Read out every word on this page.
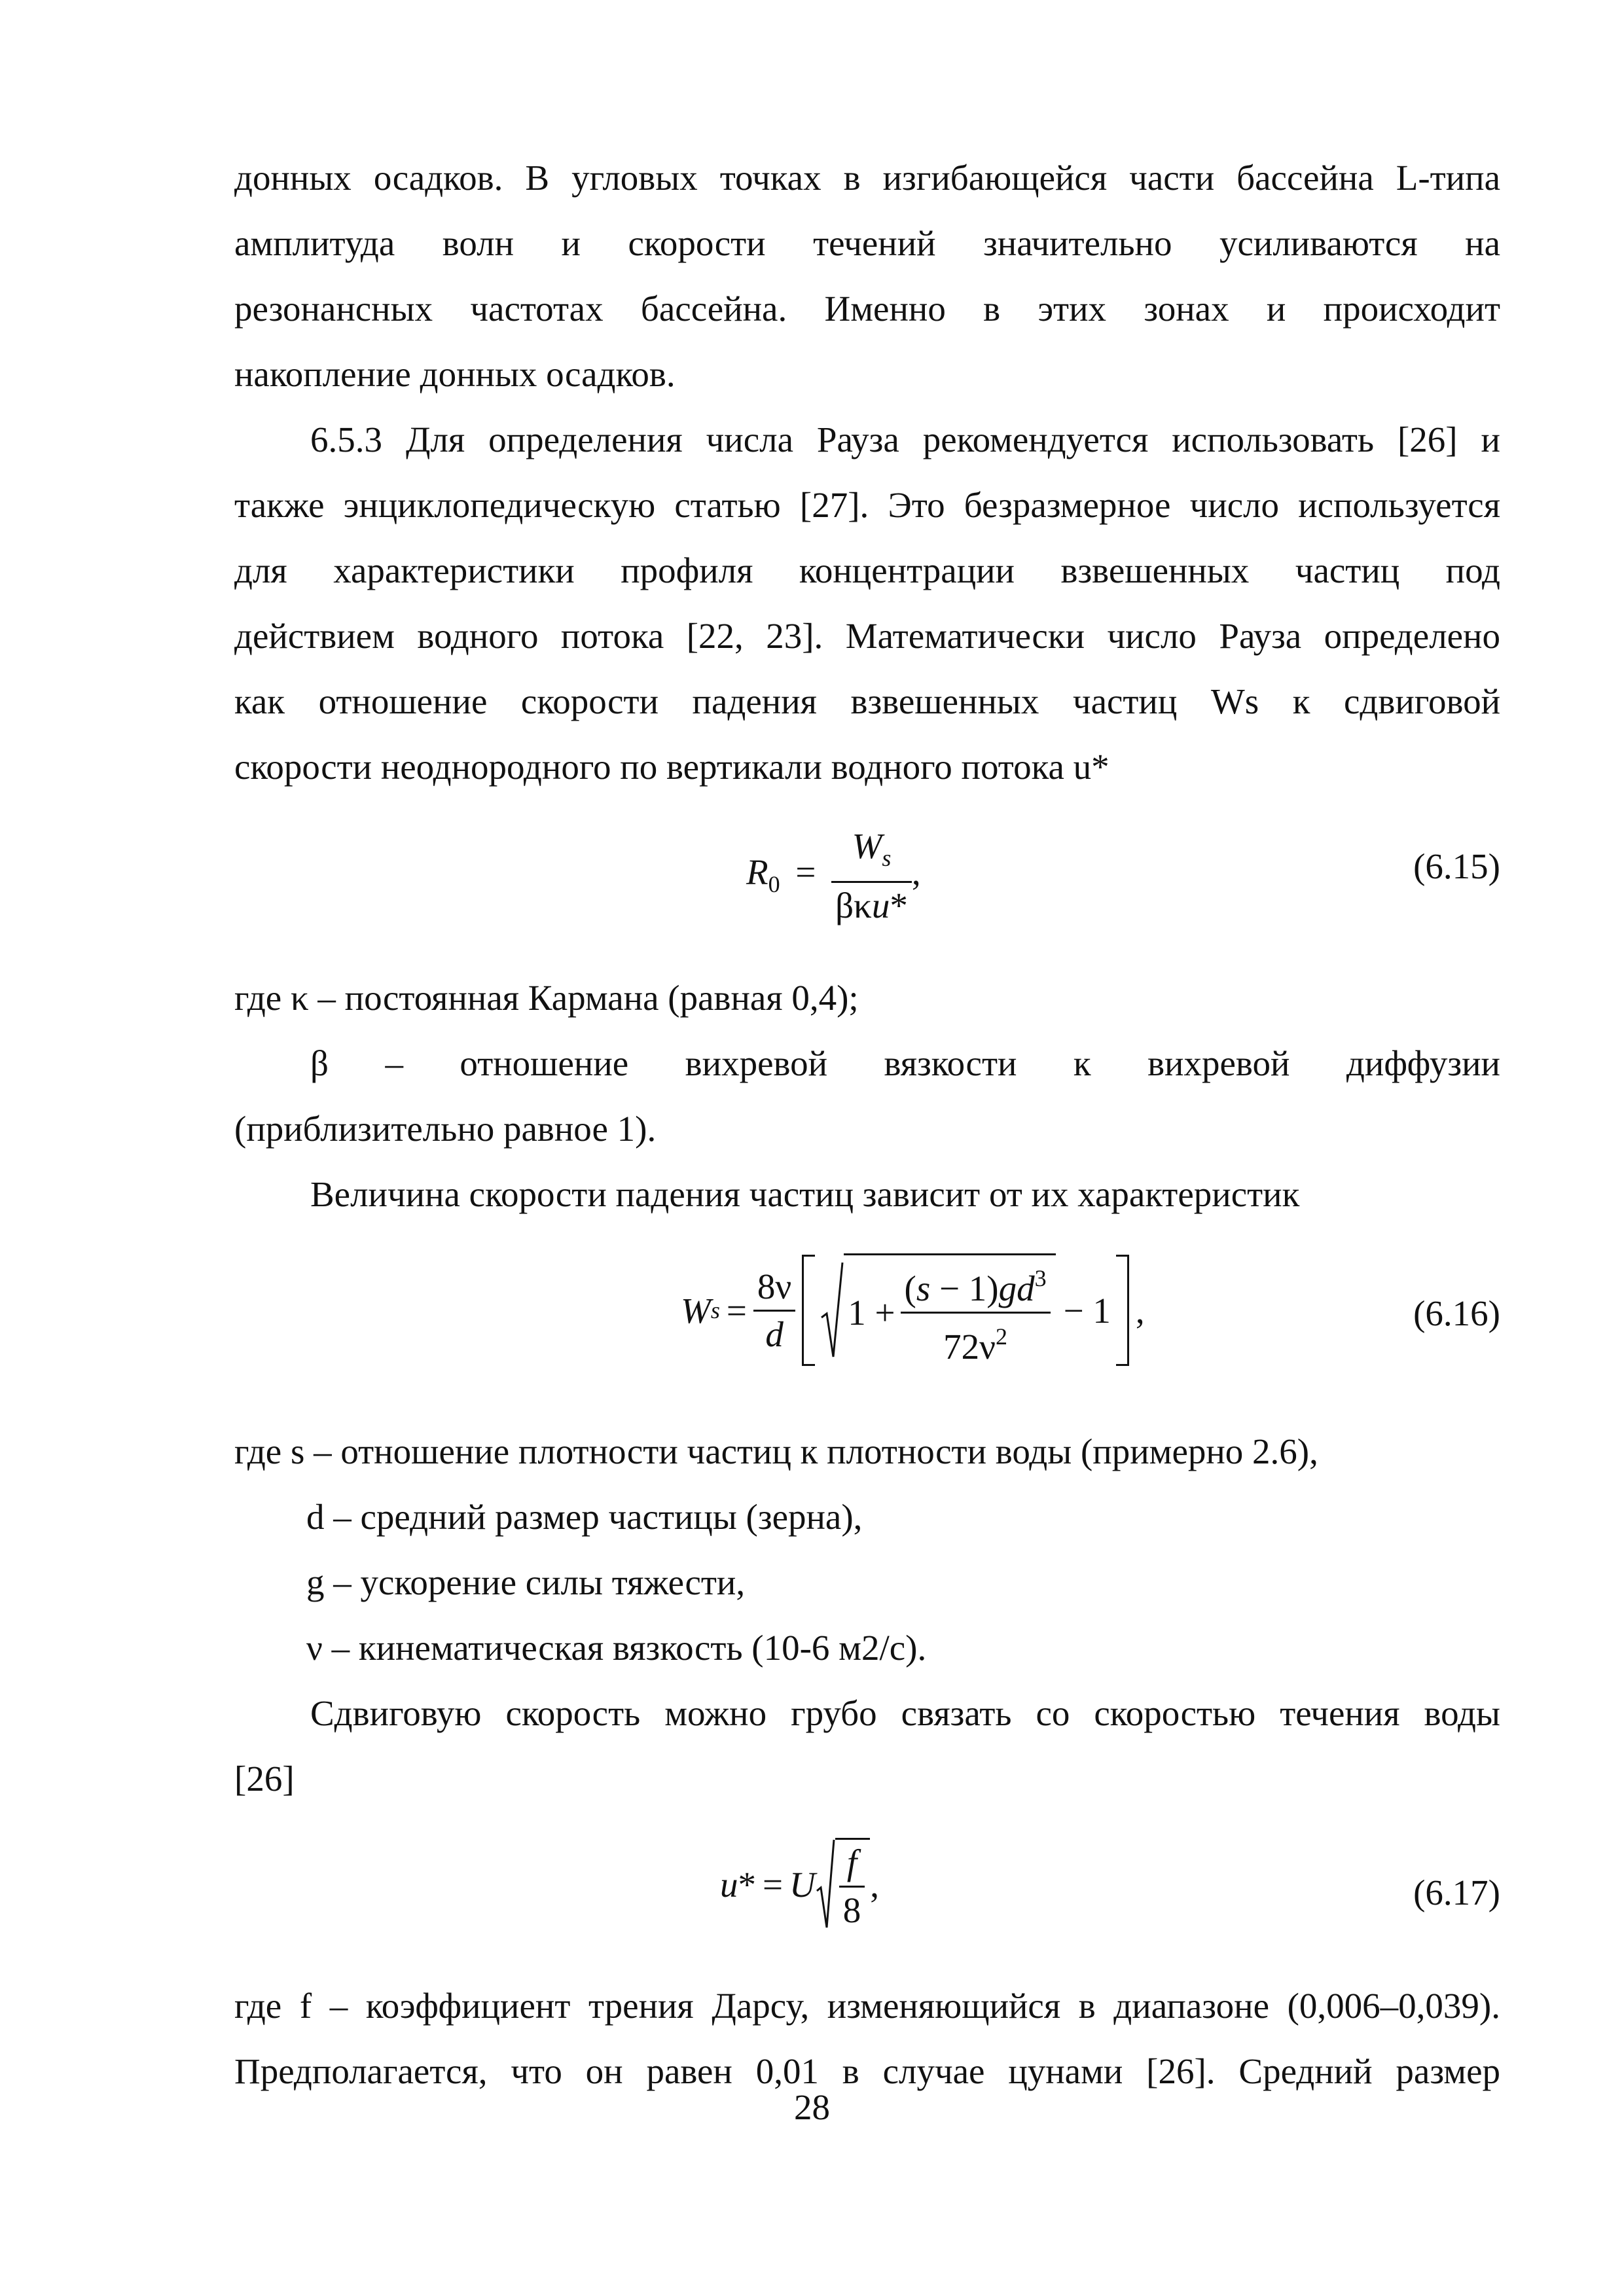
донных осадков. В угловых точках в изгибающейся части бассейна L-типа
амплитуда волн и скорости течений значительно усиливаются на
резонансных частотах бассейна. Именно в этих зонах и происходит
накопление донных осадков.
6.5.3 Для определения числа Рауза рекомендуется использовать [26] и
также энциклопедическую статью [27]. Это безразмерное число используется
для характеристики профиля концентрации взвешенных частиц под
действием водного потока [22, 23]. Математически число Рауза определено
как отношение скорости падения взвешенных частиц Ws к сдвиговой
скорости неоднородного по вертикали водного потока u*
$R_0 = \frac{W_s}{\text{βκu*}}$ ,	(6.15)
где κ – постоянная Кармана (равная 0,4);
β – отношение вихревой вязкости к вихревой диффузии
(приблизительно равное 1).
Величина скорости падения частиц зависит от их характеристик
W $s = \frac{8\nu}{d} 1 + \frac{(s - 1)gd^3}{72\nu^2} - 1$ ,	(6.16)
где s – отношение плотности частиц к плотности воды (примерно 2.6),
d – средний размер частицы (зерна),
g – ускорение силы тяжести,
ν – кинематическая вязкость (10-6 м2/с).
Сдвиговую скорость можно грубо связать со скоростью течения воды
[26]
u * = U $\frac{f}{8}$ ,	(6.17)
где f – коэффициент трения Дарсу, изменяющийся в диапазоне (0,006–0,039).
Предполагается, что он равен 0,01 в случае цунами [26]. Средний размер
28
